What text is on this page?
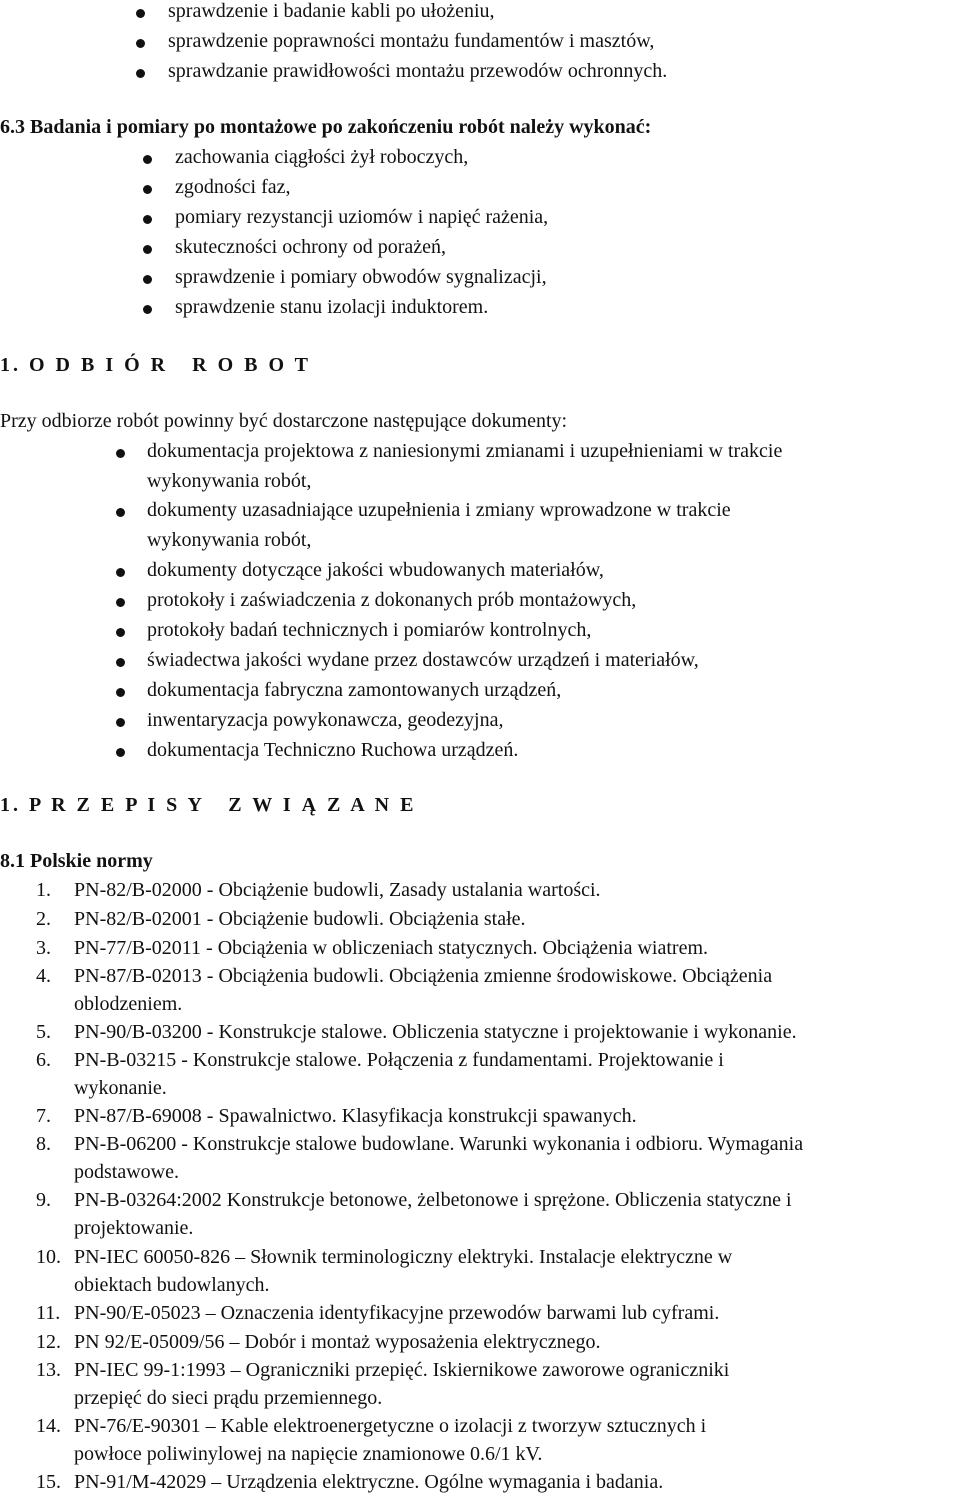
sprawdzenie i badanie kabli po ułożeniu,
sprawdzenie poprawności montażu fundamentów i masztów,
sprawdzanie prawidłowości montażu przewodów ochronnych.
6.3 Badania i pomiary po montażowe po zakończeniu robót należy wykonać:
zachowania ciągłości żył roboczych,
zgodności faz,
pomiary rezystancji uziomów i napięć rażenia,
skuteczności ochrony od porażeń,
sprawdzenie i pomiary obwodów sygnalizacji,
sprawdzenie stanu izolacji induktorem.
1. O D B I Ó R   R O B O T
Przy odbiorze robót powinny być dostarczone następujące dokumenty:
dokumentacja projektowa z naniesionymi zmianami i uzupełnieniami w trakcie
wykonywania robót,
dokumenty uzasadniające uzupełnienia i zmiany wprowadzone w trakcie
wykonywania robót,
dokumenty dotyczące jakości wbudowanych materiałów,
protokoły i zaświadczenia z dokonanych prób montażowych,
protokoły badań technicznych i pomiarów kontrolnych,
świadectwa jakości wydane przez dostawców urządzeń i materiałów,
dokumentacja fabryczna zamontowanych urządzeń,
inwentaryzacja powykonawcza, geodezyjna,
dokumentacja Techniczno Ruchowa urządzeń.
1. P R Z E P I S Y   Z W I Ą Z A N E
8.1 Polskie normy
1. PN-82/B-02000 - Obciążenie budowli, Zasady ustalania wartości.
2. PN-82/B-02001 - Obciążenie budowli. Obciążenia stałe.
3. PN-77/B-02011 - Obciążenia w obliczeniach statycznych. Obciążenia wiatrem.
4. PN-87/B-02013 - Obciążenia budowli. Obciążenia zmienne środowiskowe. Obciążenia
oblodzeniem.
5. PN-90/B-03200 - Konstrukcje stalowe. Obliczenia statyczne i projektowanie i wykonanie.
6. PN-B-03215 - Konstrukcje stalowe. Połączenia z fundamentami. Projektowanie i
wykonanie.
7. PN-87/B-69008 - Spawalnictwo. Klasyfikacja konstrukcji spawanych.
8. PN-B-06200 - Konstrukcje stalowe budowlane. Warunki wykonania i odbioru. Wymagania
podstawowe.
9. PN-B-03264:2002 Konstrukcje betonowe, żelbetonowe i sprężone. Obliczenia statyczne i
projektowanie.
10. PN-IEC 60050-826 – Słownik terminologiczny elektryki. Instalacje elektryczne w
obiektach budowlanych.
11. PN-90/E-05023 – Oznaczenia identyfikacyjne przewodów barwami lub cyframi.
12. PN 92/E-05009/56 – Dobór i montaż wyposażenia elektrycznego.
13. PN-IEC 99-1:1993 – Ograniczniki przepięć. Iskiernikowe zaworowe ograniczniki
przepięć do sieci prądu przemiennego.
14. PN-76/E-90301 – Kable elektroenergetyczne o izolacji z tworzyw sztucznych i
powłoce poliwinylowej na napięcie znamionowe 0.6/1 kV.
15. PN-91/M-42029 – Urządzenia elektryczne. Ogólne wymagania i badania.
